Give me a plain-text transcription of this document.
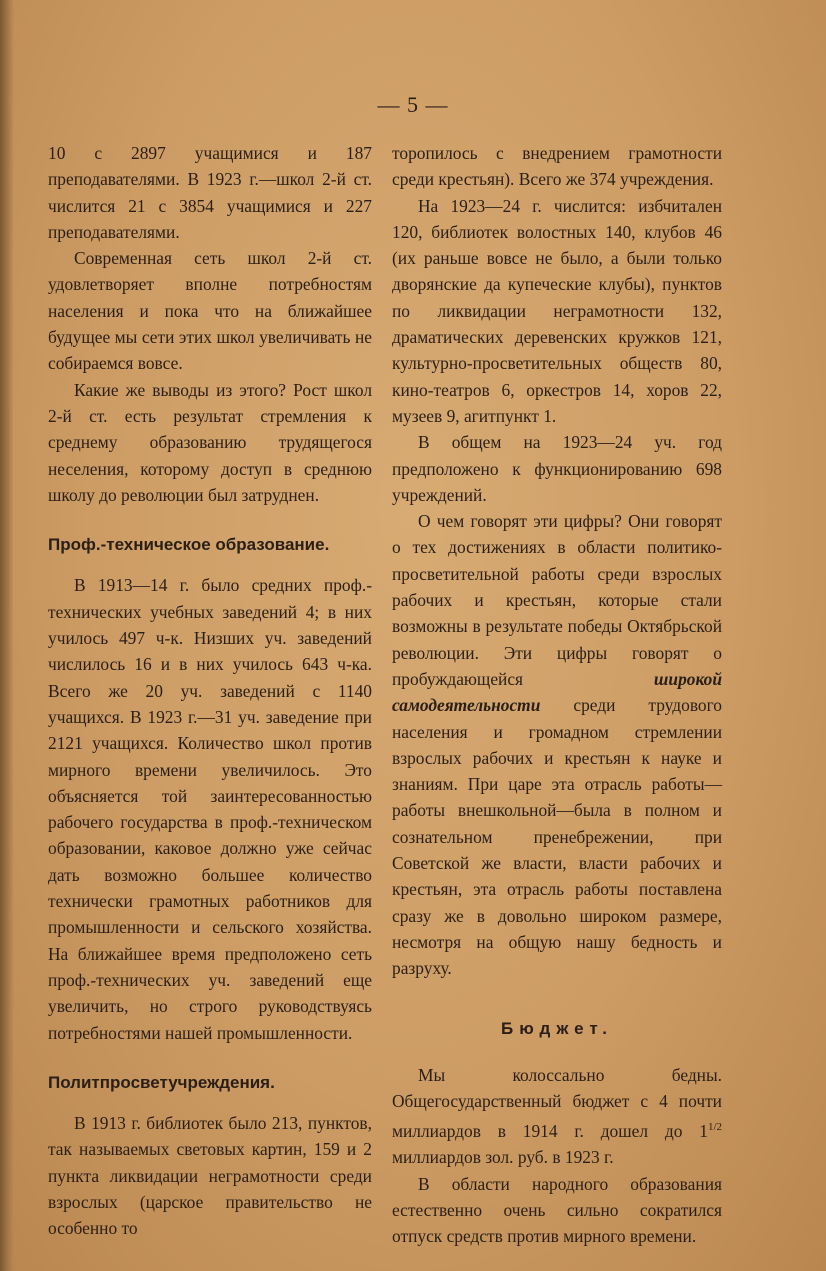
— 5 —

10 с 2897 учащимися и 187 преподавателями. В 1923 г.—школ 2-й ст. числится 21 с 3854 учащимися и 227 преподавателями.

Современная сеть школ 2-й ст. удовлетворяет вполне потребностям населения и пока что на ближайшее будущее мы сети этих школ увеличивать не собираемся вовсе.

Какие же выводы из этого? Рост школ 2-й ст. есть результат стремления к среднему образованию трудящегося неселения, которому доступ в среднюю школу до революции был затруднен.

Проф.-техническое образование.

В 1913—14 г. было средних проф.-технических учебных заведений 4; в них училось 497 ч-к. Низших уч. заведений числилось 16 и в них училось 643 ч-ка. Всего же 20 уч. заведений с 1140 учащихся. В 1923 г.—31 уч. заведение при 2121 учащихся. Количество школ против мирного времени увеличилось. Это объясняется той заинтересованностью рабочего государства в проф.-техническом образовании, каковое должно уже сейчас дать возможно большее количество технически грамотных работников для промышленности и сельского хозяйства. На ближайшее время предположено сеть проф.-технических уч. заведений еще увеличить, но строго руководствуясь потребностями нашей промышленности.

Политпросветучреждения.

В 1913 г. библиотек было 213, пунктов, так называемых световых картин, 159 и 2 пункта ликвидации неграмотности среди взрослых (царское правительство не особенно то

торопилось с внедрением грамотности среди крестьян). Всего же 374 учреждения.

На 1923—24 г. числится: избчитален 120, библиотек волостных 140, клубов 46 (их раньше вовсе не было, а были только дворянские да купеческие клубы), пунктов по ликвидации неграмотности 132, драматических деревенских кружков 121, культурно-просветительных обществ 80, кино-театров 6, оркестров 14, хоров 22, музеев 9, агитпункт 1.

В общем на 1923—24 уч. год предположено к функционированию 698 учреждений.

О чем говорят эти цифры? Они говорят о тех достижениях в области политико-просветительной работы среди взрослых рабочих и крестьян, которые стали возможны в результате победы Октябрьской революции. Эти цифры говорят о пробуждающейся широкой самодеятельности среди трудового населения и громадном стремлении взрослых рабочих и крестьян к науке и знаниям. При царе эта отрасль работы—работы внешкольной—была в полном и сознательном пренебрежении, при Советской же власти, власти рабочих и крестьян, эта отрасль работы поставлена сразу же в довольно широком размере, несмотря на общую нашу бедность и разруху.

Бюджет.

Мы колоссально бедны. Общегосударственный бюджет с 4 почти миллиардов в 1914 г. дошел до $1^{1/2}$ миллиардов зол. руб. в 1923 г.

В области народного образования естественно очень сильно сократился отпуск средств против мирного времени.
